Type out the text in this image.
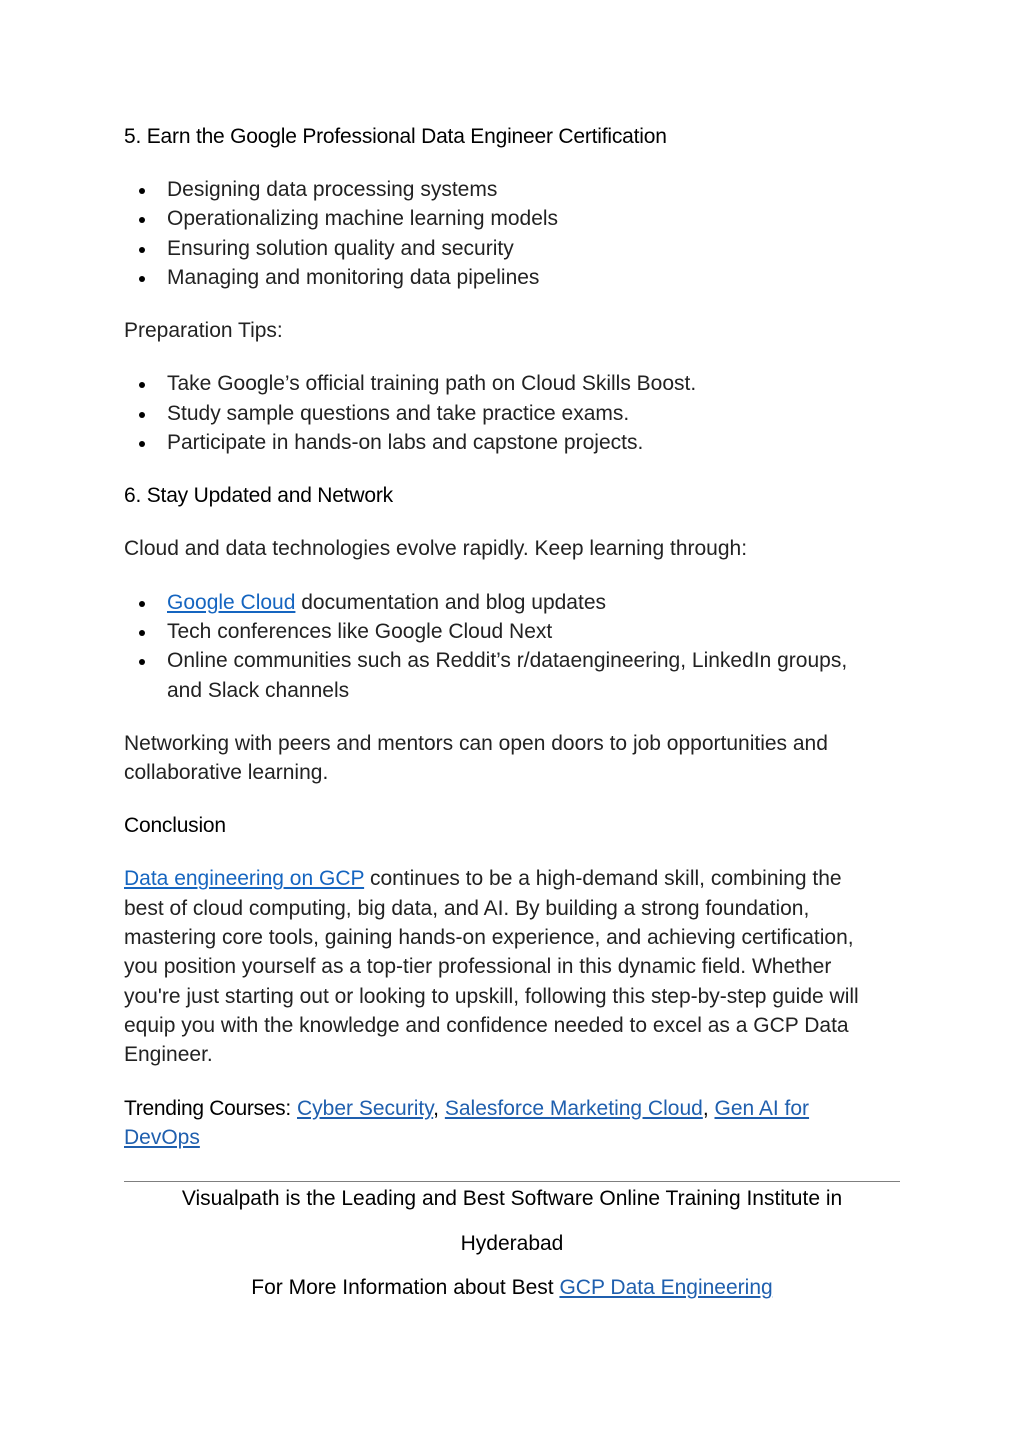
5. Earn the Google Professional Data Engineer Certification

Designing data processing systems
Operationalizing machine learning models
Ensuring solution quality and security
Managing and monitoring data pipelines

Preparation Tips:

Take Google’s official training path on Cloud Skills Boost.
Study sample questions and take practice exams.
Participate in hands-on labs and capstone projects.

6. Stay Updated and Network

Cloud and data technologies evolve rapidly. Keep learning through:

Google Cloud documentation and blog updates
Tech conferences like Google Cloud Next
Online communities such as Reddit’s r/dataengineering, LinkedIn groups, and Slack channels

Networking with peers and mentors can open doors to job opportunities and collaborative learning.

Conclusion

Data engineering on GCP continues to be a high-demand skill, combining the best of cloud computing, big data, and AI. By building a strong foundation, mastering core tools, gaining hands-on experience, and achieving certification, you position yourself as a top-tier professional in this dynamic field. Whether you're just starting out or looking to upskill, following this step-by-step guide will equip you with the knowledge and confidence needed to excel as a GCP Data Engineer.

Trending Courses: Cyber Security, Salesforce Marketing Cloud, Gen AI for DevOps

Visualpath is the Leading and Best Software Online Training Institute in
Hyderabad
For More Information about Best GCP Data Engineering
